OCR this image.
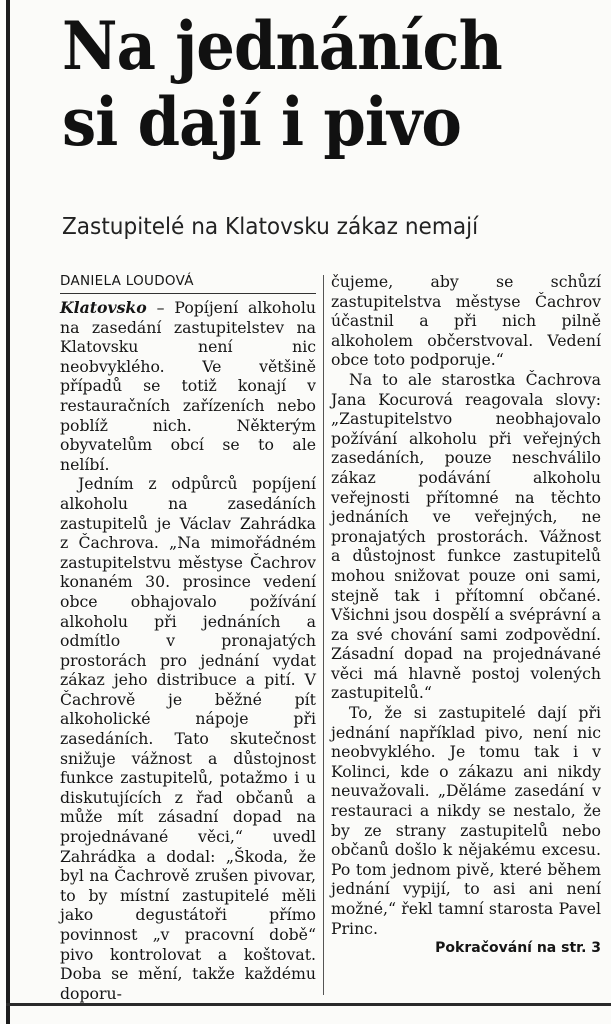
Na jednáních
si dají i pivo
Zastupitelé na Klatovsku zákaz nemají
DANIELA LOUDOVÁ

Klatovsko – Popíjení alkoholu na zasedání zastupitelstev na Klatovsku není nic neobvyklého. Ve většině případů se totiž konají v restauračních zařízeních nebo poblíž nich. Některým obyvatelům obcí se to ale nelíbí.

Jedním z odpůrců popíjení alkoholu na zasedáních zastupitelů je Václav Zahrádka z Čachrova. „Na mimořádném zastupitelstvu městyse Čachrov konaném 30. prosince vedení obce obhajovalo požívání alkoholu při jednáních a odmítlo v pronajatých prostorách pro jednání vydat zákaz jeho distribuce a pití. V Čachrově je běžné pít alkoholické nápoje při zasedáních. Tato skutečnost snižuje vážnost a důstojnost funkce zastupitelů, potažmo i u diskutujících z řad občanů a může mít zásadní dopad na projednávané věci,“ uvedl Zahrádka a dodal: „Škoda, že byl na Čachrově zrušen pivovar, to by místní zastupitelé měli jako degustátoři přímo povinnost „v pracovní době“ pivo kontrolovat a koštovat. Doba se mění, takže každému doporu-

čujeme, aby se schůzí zastupitelstva městyse Čachrov účastnil a při nich pilně alkoholem občerstvoval. Vedení obce toto podporuje.“

Na to ale starostka Čachrova Jana Kocurová reagovala slovy: „Zastupitelstvo neobhajovalo požívání alkoholu při veřejných zasedáních, pouze neschválilo zákaz podávání alkoholu veřejnosti přítomné na těchto jednáních ve veřejných, ne pronajatých prostorách. Vážnost a důstojnost funkce zastupitelů mohou snižovat pouze oni sami, stejně tak i přítomní občané. Všichni jsou dospělí a svéprávní a za své chování sami zodpovědní. Zásadní dopad na projednávané věci má hlavně postoj volených zastupitelů.“

To, že si zastupitelé dají při jednání například pivo, není nic neobvyklého. Je tomu tak i v Kolinci, kde o zákazu ani nikdy neuvažovali. „Děláme zasedání v restauraci a nikdy se nestalo, že by ze strany zastupitelů nebo občanů došlo k nějakému excesu. Po tom jednom pivě, které během jednání vypijí, to asi ani není možné,“ řekl tamní starosta Pavel Princ.

Pokračování na str. 3
